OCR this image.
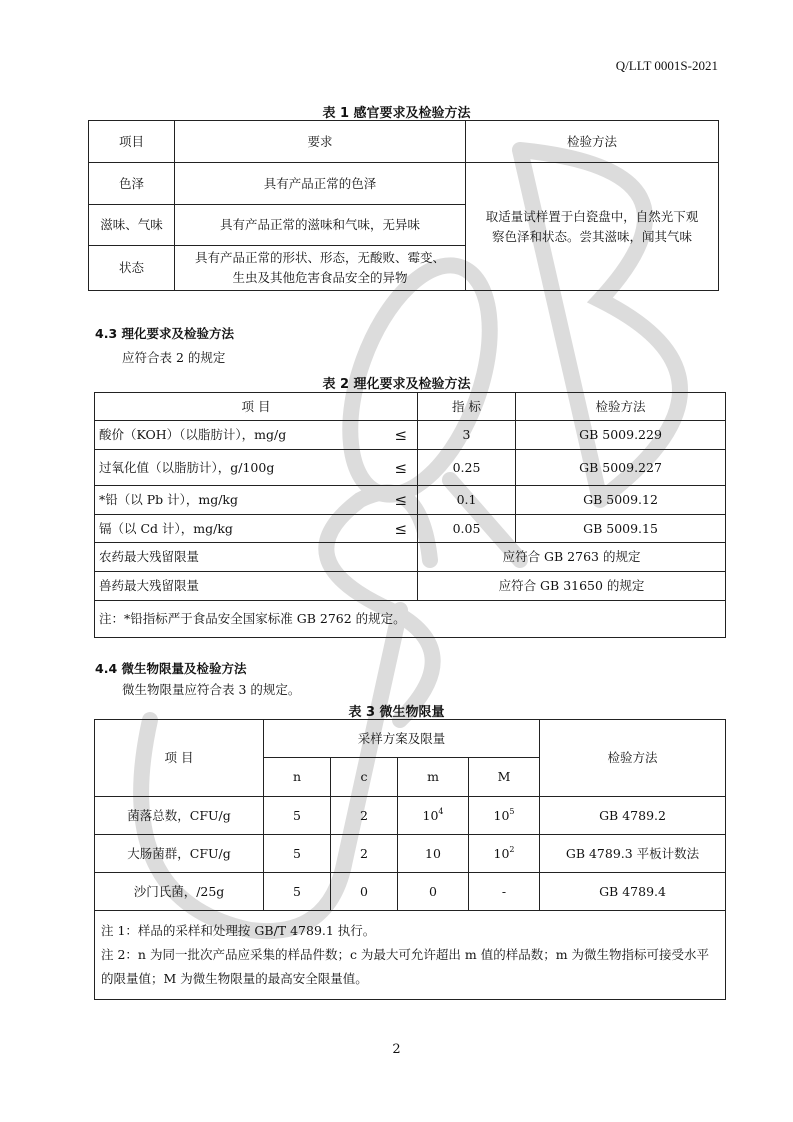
Q/LLT 0001S-2021
表 1 感官要求及检验方法
项目	要求	检验方法
色泽	具有产品正常的色泽	取适量试样置于白瓷盘中，自然光下观
察色泽和状态。尝其滋味，闻其气味

滋味、气味	具有产品正常的滋味和气味，无异味	
状态	具有产品正常的形状、形态，无酸败、霉变、
生虫及其他危害食品安全的异物	
4.3 理化要求及检验方法
应符合表 2 的规定
表 2 理化要求及检验方法
项 目		指 标	检验方法
酸价（KOH）（以脂肪计），mg/g	≤	3	GB 5009.229
过氧化值（以脂肪计），g/100g	≤	0.25	GB 5009.227
*铅（以 Pb 计），mg/kg	≤	0.1	GB 5009.12
镉（以 Cd 计），mg/kg	≤	0.05	GB 5009.15
农药最大残留限量		应符合 GB 2763 的规定	
兽药最大残留限量		应符合 GB 31650 的规定	
注：*铅指标严于食品安全国家标准 GB 2762 的规定。			
4.4 微生物限量及检验方法
微生物限量应符合表 3 的规定。
表 3 微生物限量
项 目	采样方案及限量				检验方法
	n	c	m	M	
菌落总数，CFU/g	5	2	$10^4$	$10^5$	GB 4789.2
大肠菌群，CFU/g	5	2	10	$10^2$	GB 4789.3 平板计数法
沙门氏菌，/25g	5	0	0	-	GB 4789.4

注 1：样品的采样和处理按 GB/T 4789.1 执行。
注 2：n 为同一批次产品应采集的样品件数；c 为最大可允许超出 m 值的样品数；m 为微生物指标可接受水平的限量值；M 为微生物限量的最高安全限量值。					
2
